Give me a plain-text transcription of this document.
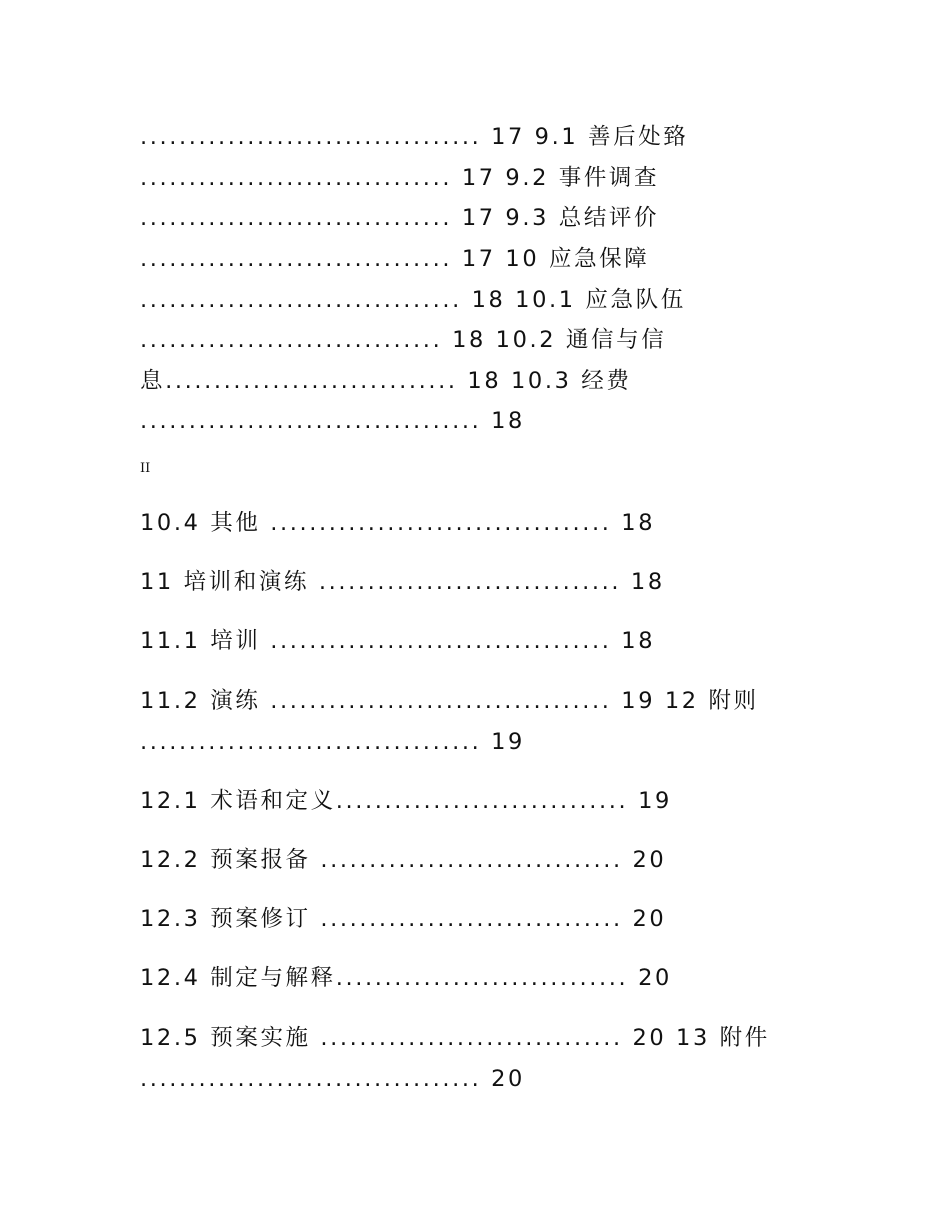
................................... 17 9.1 善后处臵
................................ 17 9.2 事件调查
................................ 17 9.3 总结评价
................................ 17 10 应急保障
................................. 18 10.1 应急队伍
............................... 18 10.2 通信与信
息.............................. 18 10.3 经费
................................... 18
II
10.4 其他 ................................... 18
11 培训和演练 ............................... 18
11.1 培训 ................................... 18
11.2 演练 ................................... 19 12 附则
................................... 19
12.1 术语和定义.............................. 19
12.2 预案报备 ............................... 20
12.3 预案修订 ............................... 20
12.4 制定与解释.............................. 20
12.5 预案实施 ............................... 20 13 附件
................................... 20
